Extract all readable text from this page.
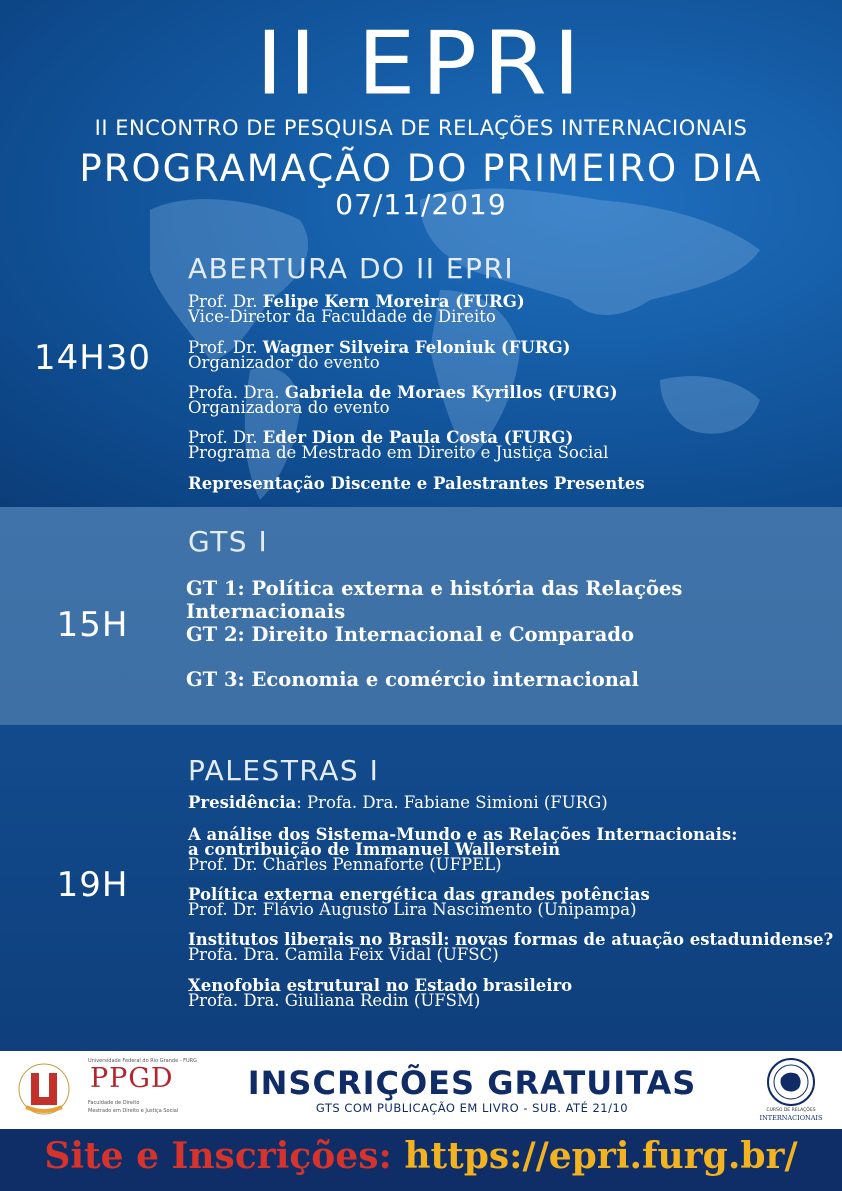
II EPRI
II ENCONTRO DE PESQUISA DE RELAÇÕES INTERNACIONAIS
PROGRAMAÇÃO DO PRIMEIRO DIA
07/11/2019
14H30
ABERTURA DO II EPRI
Prof. Dr. Felipe Kern Moreira (FURG)
Vice-Diretor da Faculdade de Direito
Prof. Dr. Wagner Silveira Feloniuk (FURG)
Organizador do evento
Profa. Dra. Gabriela de Moraes Kyrillos (FURG)
Organizadora do evento
Prof. Dr. Eder Dion de Paula Costa (FURG)
Programa de Mestrado em Direito e Justiça Social
Representação Discente e Palestrantes Presentes
GTS I
15H
GT 1: Política externa e história das Relações Internacionais
GT 2: Direito Internacional e Comparado
GT 3: Economia e comércio internacional
PALESTRAS I
19H
Presidência: Profa. Dra. Fabiane Simioni (FURG)
A análise dos Sistema-Mundo e as Relações Internacionais:
a contribuição de Immanuel Wallerstein
Prof. Dr. Charles Pennaforte (UFPEL)
Política externa energética das grandes potências
Prof. Dr. Flávio Augusto Lira Nascimento (Unipampa)
Institutos liberais no Brasil: novas formas de atuação estadunidense?
Profa. Dra. Camila Feix Vidal (UFSC)
Xenofobia estrutural no Estado brasileiro
Profa. Dra. Giuliana Redin (UFSM)
Universidade Federal do Rio Grande - FURG
PPGD
Faculdade de Direito
Mestrado em Direito e Justiça Social
INSCRIÇÕES GRATUITAS
GTS COM PUBLICAÇÃO EM LIVRO - SUB. ATÉ 21/10	CURSO DE RELAÇÕES
INTERNACIONAIS
Site e Inscrições: https://epri.furg.br/
